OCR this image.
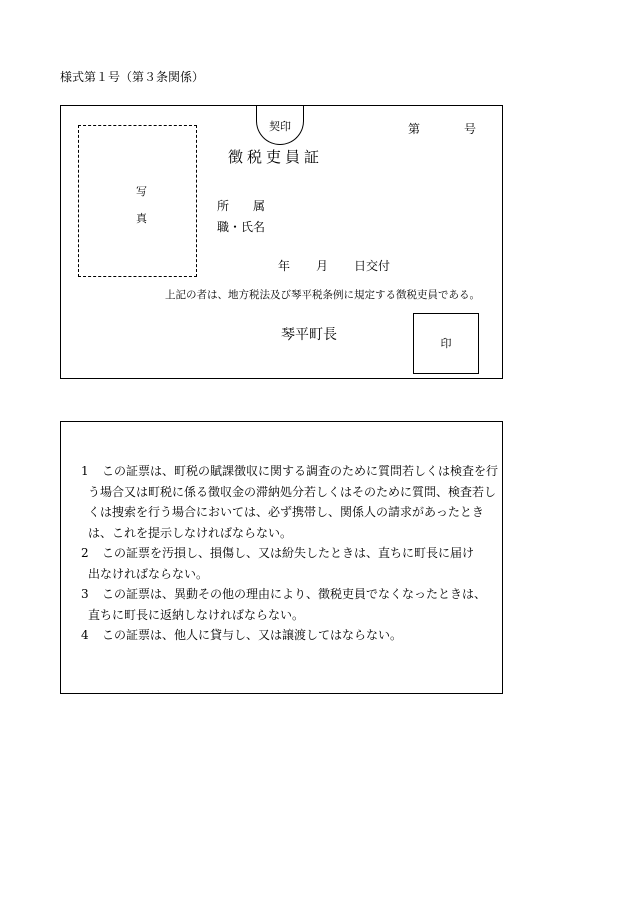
様式第１号（第３条関係）
契印	第	号
徴税吏員証
写
真
所　　属
職・氏名
年 月 日交付
上記の者は、地方税法及び琴平税条例に規定する徴税吏員である。
琴平町長
印
1	この証票は、町税の賦課徴収に関する調査のために質問若しくは検査を行
う場合又は町税に係る徴収金の滞納処分若しくはそのために質問、検査若し
くは捜索を行う場合においては、必ず携帯し、関係人の請求があったとき
は、これを提示しなければならない。
2	この証票を汚損し、損傷し、又は紛失したときは、直ちに町長に届け
出なければならない。
3	この証票は、異動その他の理由により、徴税吏員でなくなったときは、
直ちに町長に返納しなければならない。
4	この証票は、他人に貸与し、又は譲渡してはならない。
